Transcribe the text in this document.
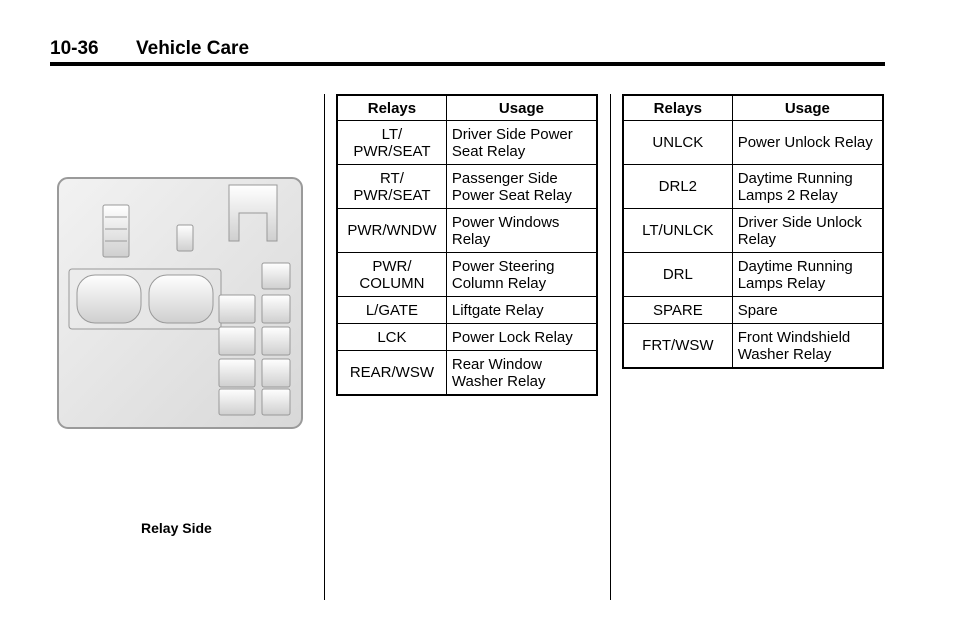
10-36 Vehicle Care
Relay Side
Relays	Usage
LT/
PWR/SEAT	Driver Side Power Seat Relay
RT/
PWR/SEAT	Passenger Side Power Seat Relay
PWR/WNDW	Power Windows Relay
PWR/
COLUMN	Power Steering Column Relay
L/GATE	Liftgate Relay
LCK	Power Lock Relay
REAR/WSW	Rear Window Washer Relay
Relays	Usage
UNLCK	Power Unlock Relay
DRL2	Daytime Running Lamps 2 Relay
LT/UNLCK	Driver Side Unlock Relay
DRL	Daytime Running Lamps Relay
SPARE	Spare
FRT/WSW	Front Windshield Washer Relay
